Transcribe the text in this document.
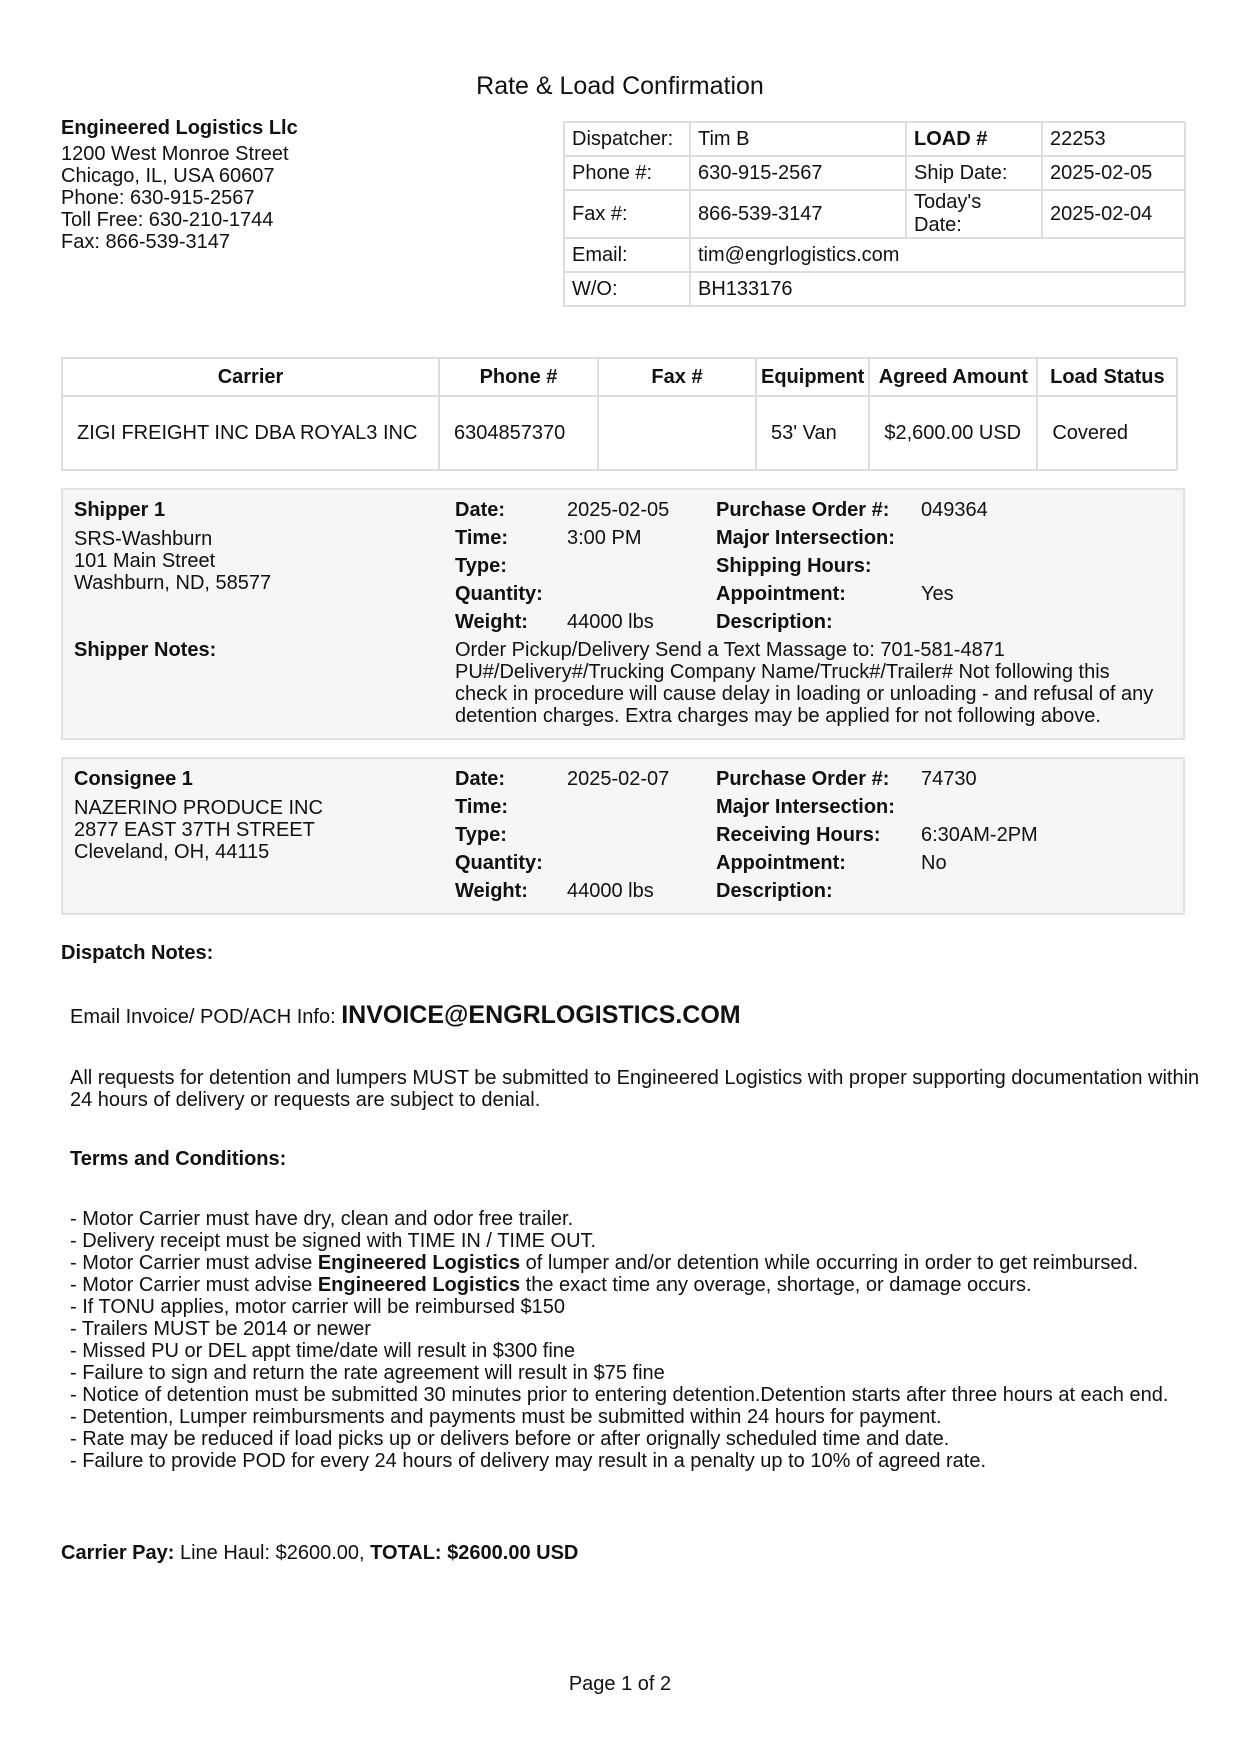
Rate & Load Confirmation
Engineered Logistics Llc
1200 West Monroe Street
Chicago, IL, USA 60607
Phone: 630-915-2567
Toll Free: 630-210-1744
Fax: 866-539-3147
Dispatcher:	Tim B	LOAD #	22253
Phone #:	630-915-2567	Ship Date:	2025-02-05
Fax #:	866-539-3147	Today's Date:	2025-02-04
Email:	tim@engrlogistics.com		
W/O:	BH133176		
Carrier	Phone #	Fax #	Equipment	Agreed Amount	Load Status
ZIGI FREIGHT INC DBA ROYAL3 INC	6304857370		53' Van	$2,600.00 USD	Covered
Shipper 1
SRS-Washburn
101 Main Street
Washburn, ND, 58577
Date:	2025-02-05
Time:	3:00 PM
Type:
Quantity:
Weight: 44000 lbs
Purchase Order #: 049364
Major Intersection:
Shipping Hours:
Appointment:	Yes
Description:
Shipper Notes:	Order Pickup/Delivery Send a Text Massage to: 701-581-4871
PU#/Delivery#/Trucking Company Name/Truck#/Trailer# Not following this
check in procedure will cause delay in loading or unloading - and refusal of any
detention charges. Extra charges may be applied for not following above.
Consignee 1
NAZERINO PRODUCE INC
2877 EAST 37TH STREET
Cleveland, OH, 44115
Date:	2025-02-07
Time:
Type:
Quantity:
Weight: 44000 lbs
Purchase Order #: 74730
Major Intersection:
Receiving Hours: 6:30AM-2PM
Appointment:	No
Description:
Dispatch Notes:
Email Invoice/ POD/ACH Info: INVOICE@ENGRLOGISTICS.COM
All requests for detention and lumpers MUST be submitted to Engineered Logistics with proper supporting documentation within 24 hours of delivery or requests are subject to denial.
Terms and Conditions:
- Motor Carrier must have dry, clean and odor free trailer.
- Delivery receipt must be signed with TIME IN / TIME OUT.
- Motor Carrier must advise Engineered Logistics of lumper and/or detention while occurring in order to get reimbursed.
- Motor Carrier must advise Engineered Logistics the exact time any overage, shortage, or damage occurs.
- If TONU applies, motor carrier will be reimbursed $150
- Trailers MUST be 2014 or newer
- Missed PU or DEL appt time/date will result in $300 fine
- Failure to sign and return the rate agreement will result in $75 fine
- Notice of detention must be submitted 30 minutes prior to entering detention.Detention starts after three hours at each end.
- Detention, Lumper reimbursments and payments must be submitted within 24 hours for payment.
- Rate may be reduced if load picks up or delivers before or after orignally scheduled time and date.
- Failure to provide POD for every 24 hours of delivery may result in a penalty up to 10% of agreed rate.
Carrier Pay: Line Haul: $2600.00, TOTAL: $2600.00 USD
Page 1 of 2
